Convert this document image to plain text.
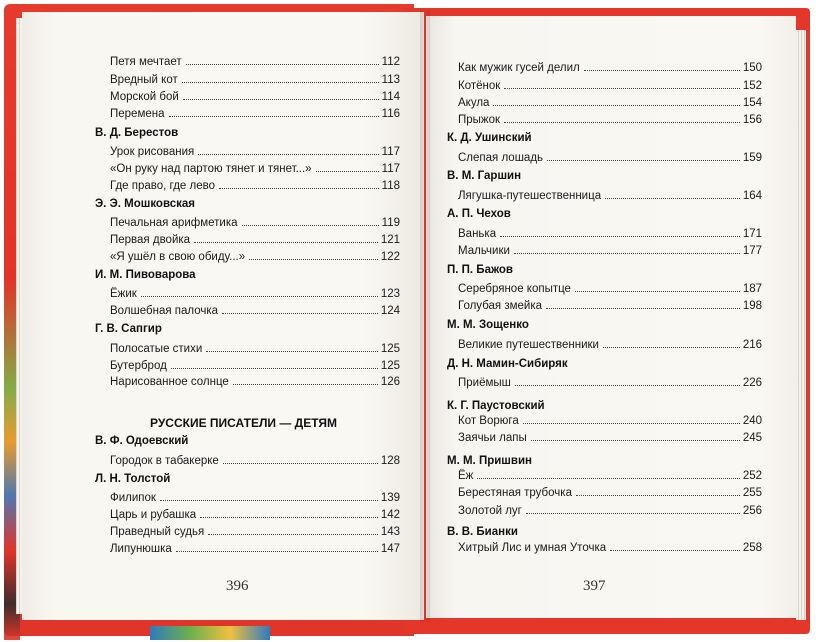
Петя мечтает	112
Вредный кот	113
Морской бой	114
Перемена	116
В. Д. Берестов
Урок рисования	117
«Он руку над партою тянет и тянет...»	117
Где право, где лево	118
Э. Э. Мошковская
Печальная арифметика	119
Первая двойка	121
«Я ушёл в свою обиду...»	122
И. М. Пивоварова
Ёжик	123
Волшебная палочка	124
Г. В. Сапгир
Полосатые стихи	125
Бутерброд	125
Нарисованное солнце	126
РУССКИЕ ПИСАТЕЛИ — ДЕТЯМ
В. Ф. Одоевский
Городок в табакерке	128
Л. Н. Толстой
Филипок	139
Царь и рубашка	142
Праведный судья	143
Липунюшка	147
Как мужик гусей делил	150
Котёнок	152
Акула	154
Прыжок	156
К. Д. Ушинский
Слепая лошадь	159
В. М. Гаршин
Лягушка-путешественница	164
А. П. Чехов
Ванька	171
Мальчики	177
П. П. Бажов
Серебряное копытце	187
Голубая змейка	198
М. М. Зощенко
Великие путешественники	216
Д. Н. Мамин-Сибиряк
Приёмыш	226
К. Г. Паустовский
Кот Ворюга	240
Заячьи лапы	245
М. М. Пришвин
Ёж	252
Берестяная трубочка	255
Золотой луг	256
В. В. Бианки
Хитрый Лис и умная Уточка	258
396	397
